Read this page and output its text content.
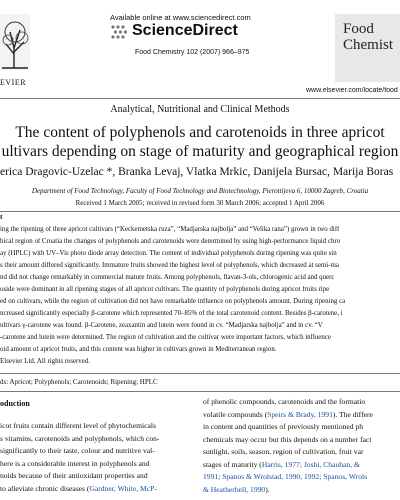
EVIER
Available online at www.sciencedirect.com
ScienceDirect
Food Chemistry 102 (2007) 966–975
Food
Chemist
www.elsevier.com/locate/food
Analytical, Nutritional and Clinical Methods
The content of polyphenols and carotenoids in three apricot
ultivars depending on stage of maturity and geographical region
erica Dragovic-Uzelac *, Branka Levaj, Vlatka Mrkic, Danijela Bursac, Marija Boras
Department of Food Technology, Faculty of Food Technology and Biotechnology, Pierottijeva 6, 10000 Zagreb, Croatia
Received 1 March 2005; received in revised form 30 March 2006; accepted 1 April 2006
t
ing the ripening of three apricot cultivars (“Keckemetska ruza”, “Madjarska najbolja” and “Velika rana”) grown in two diff
hical region of Croatia the changes of polyphenols and carotenoids were determined by using high-performance liquid chro
ay (HPLC) with UV–Vis photo diode array detection. The content of individual polyphenols during ripening was quite sin
s their amount differed significantly. Immature fruits showed the highest level of polyphenols, which decreased at semi-ma
nd did not change remarkably in commercial mature fruits. Among polyphenols, flavan-3-ols, chlorogenic acid and querc
oside were dominant in all ripening stages of all apricot cultivars. The quantity of polyphenols during apricot fruits ripe
ed on cultivars, while the region of cultivation did not have remarkable influence on polyphenols amount. During ripening ca
ncreased significantly especially β-carotene which represented 70–85% of the total carotenoid content. Besides β-carotene, i
ultivars γ-carotene was found. β-Carotene, zeaxantin and lutein were found in cv. “Madjarska najbolja” and in cv. “V
-carotene and lutein were determined. The region of cultivation and the cultivar were important factors, which influence
oid amount of apricot fruits, and this content was higher in cultivars grown in Mediterranean region.
Elsevier Ltd. All rights reserved.
ds: Apricot; Polyphenols; Carotenoids; Ripening; HPLC
oduction
icot fruits contain different level of phytochemicals
s vitamins, carotenoids and polyphenols, which con-
significantly to their taste, colour and nutritive val-
here is a considerable interest in polyphenols and
noids because of their antioxidant properties and
to alleviate chronic diseases (Gardner, White, McP-
of phenolic compounds, carotenoids and the formatio
volatile compounds (Speirs & Brady, 1991). The differe
in content and quantities of previously mentioned ph
chemicals may occur but this depends on a number fact
sunlight, soils, season, region of cultivation, fruit var
stages of maturity (Harris, 1977; Joshi, Chauhan, &
1991; Spanos & Wrolstad, 1990, 1992; Spanos, Wrols
& Heatherbell, 1990).
